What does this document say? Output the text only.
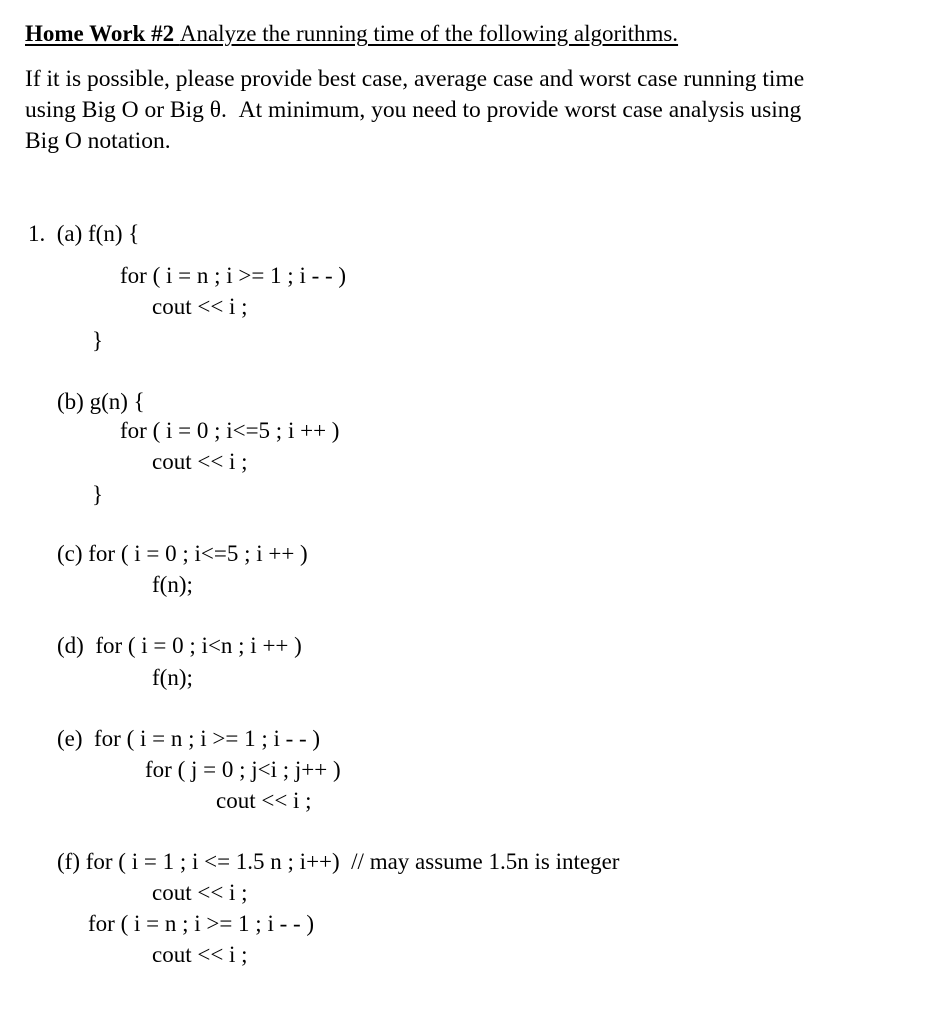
Home Work #2 Analyze the running time of the following algorithms.
If it is possible, please provide best case, average case and worst case running time
using Big O or Big θ.  At minimum, you need to provide worst case analysis using
Big O notation.
1.  (a) f(n) {
for ( i = n ; i >= 1 ; i - - )
cout << i ;
}
(b) g(n) {
for ( i = 0 ; i<=5 ; i ++ )
cout << i ;
}
(c) for ( i = 0 ; i<=5 ; i ++ )
f(n);
(d)  for ( i = 0 ; i<n ; i ++ )
f(n);
(e)  for ( i = n ; i >= 1 ; i - - )
for ( j = 0 ; j<i ; j++ )
cout << i ;
(f) for ( i = 1 ; i <= 1.5 n ; i++)  // may assume 1.5n is integer
cout << i ;
for ( i = n ; i >= 1 ; i - - )
cout << i ;
